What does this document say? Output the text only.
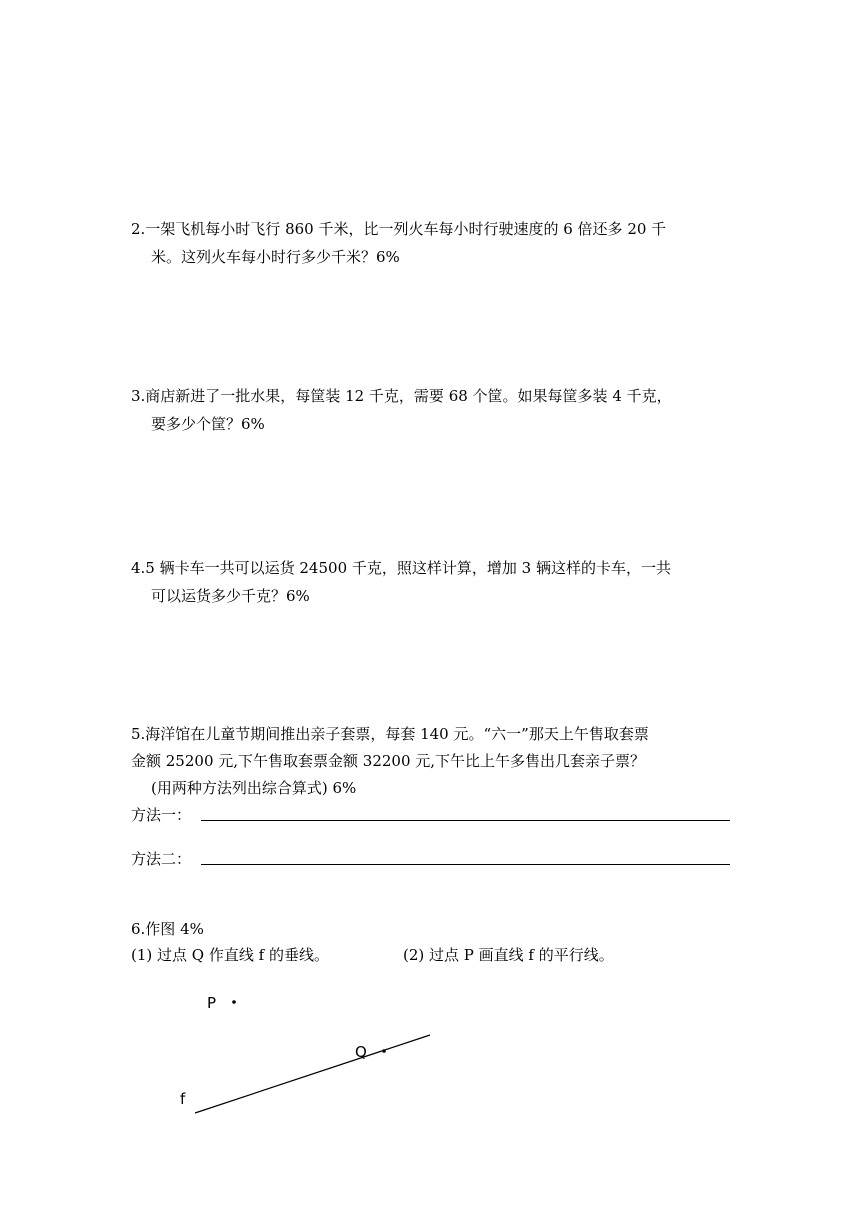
2.一架飞机每小时飞行 860 千米，比一列火车每小时行驶速度的 6 倍还多 20 千
米。这列火车每小时行多少千米？6%
3.商店新进了一批水果，每筐装 12 千克，需要 68 个筐。如果每筐多装 4 千克，
要多少个筐？6%
4.5 辆卡车一共可以运货 24500 千克，照这样计算，增加 3 辆这样的卡车，一共
可以运货多少千克？6%
5.海洋馆在儿童节期间推出亲子套票，每套 140 元。“六一”那天上午售取套票
金额 25200 元,下午售取套票金额 32200 元,下午比上午多售出几套亲子票？
(用两种方法列出综合算式) 6%
方法一：
方法二：
6.作图 4%
(1) 过点 Q 作直线 f 的垂线。	(2) 过点 P 画直线 f 的平行线。
P
Q
f
